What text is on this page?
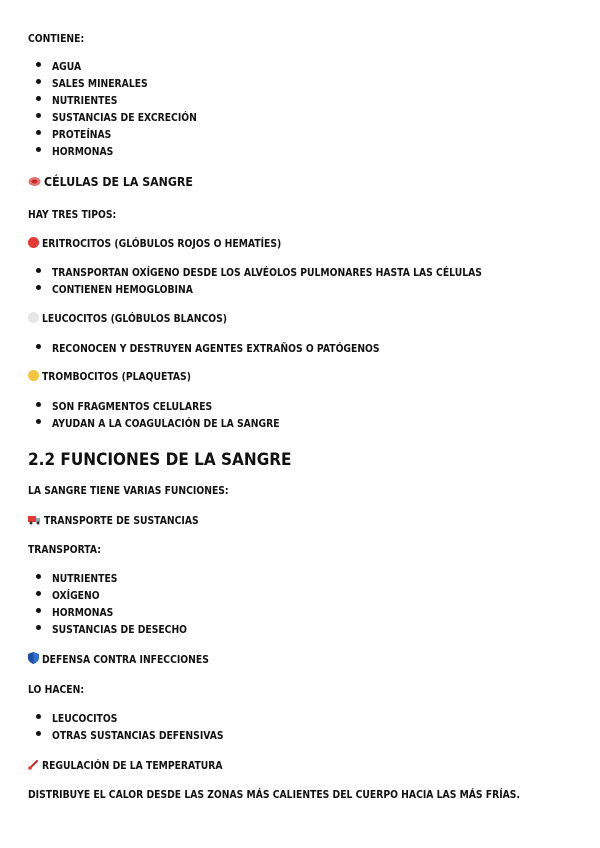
CONTIENE:
AGUA
SALES MINERALES
NUTRIENTES
SUSTANCIAS DE EXCRECIÓN
PROTEÍNAS
HORMONAS
CÉLULAS DE LA SANGRE
HAY TRES TIPOS:
ERITROCITOS (GLÓBULOS ROJOS O HEMATÍES)
TRANSPORTAN OXÍGENO DESDE LOS ALVÉOLOS PULMONARES HASTA LAS CÉLULAS
CONTIENEN HEMOGLOBINA
LEUCOCITOS (GLÓBULOS BLANCOS)
RECONOCEN Y DESTRUYEN AGENTES EXTRAÑOS O PATÓGENOS
TROMBOCITOS (PLAQUETAS)
SON FRAGMENTOS CELULARES
AYUDAN A LA COAGULACIÓN DE LA SANGRE
2.2 FUNCIONES DE LA SANGRE
LA SANGRE TIENE VARIAS FUNCIONES:
TRANSPORTE DE SUSTANCIAS
TRANSPORTA:
NUTRIENTES
OXÍGENO
HORMONAS
SUSTANCIAS DE DESECHO
DEFENSA CONTRA INFECCIONES
LO HACEN:
LEUCOCITOS
OTRAS SUSTANCIAS DEFENSIVAS
REGULACIÓN DE LA TEMPERATURA
DISTRIBUYE EL CALOR DESDE LAS ZONAS MÁS CALIENTES DEL CUERPO HACIA LAS MÁS FRÍAS.
